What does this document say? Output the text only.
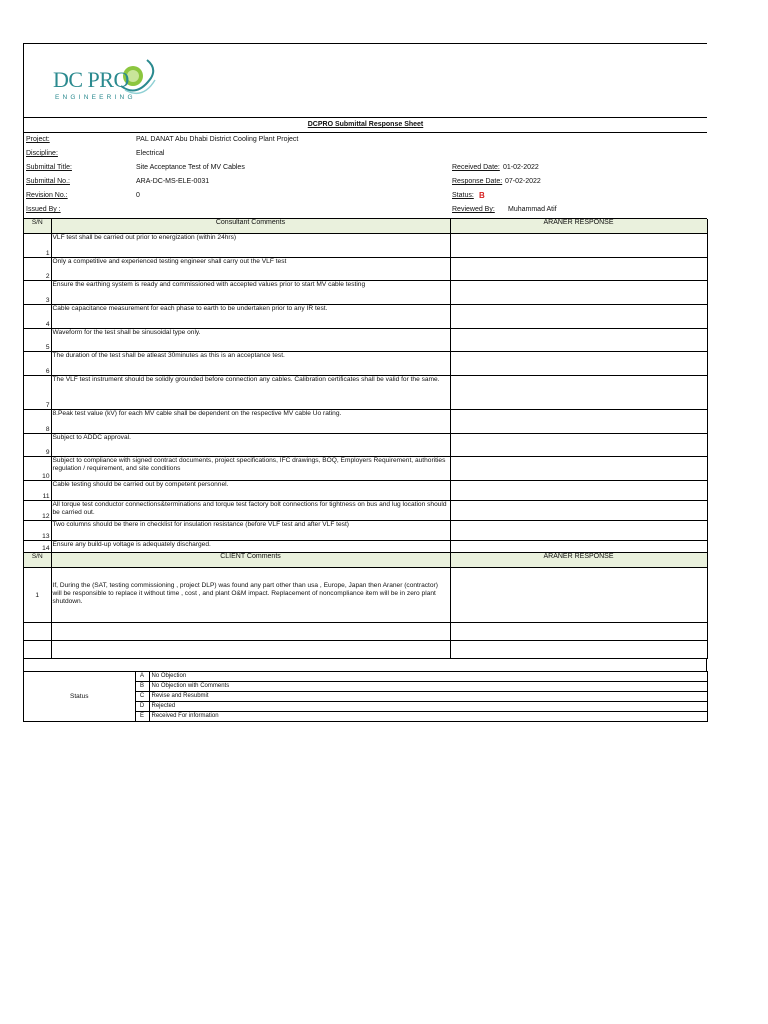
DC PRO
ENGINEERING
DCPRO Submittal Response Sheet
Project:	PAL DANAT Abu Dhabi District Cooling Plant Project
Discipline:	Electrical
Submittal Title:	Site Acceptance Test of MV Cables	Received Date: 01-02-2022
Submittal No.:	ARA-DC-MS-ELE-0031	Response Date: 07-02-2022
Revision No.:	0	Status: B
Issued By :	Reviewed By: Muhammad Atif
S/N	Consultant Comments	ARANER RESPONSE
1	VLF test shall be carried out prior to energization (within 24hrs)	
2	Only a competitive and experienced testing engineer shall carry out the VLF test	
3	Ensure the earthing system is ready and commissioned with accepted values prior to start MV cable testing	
4	Cable capacitance measurement for each phase to earth to be undertaken prior to any IR test.	
5	Waveform for the test shall be sinusoidal type only.	
6	The duration of the test shall be atleast 30minutes as this is an acceptance test.	
7	The VLF test instrument should be solidly grounded before connection any cables. Calibration certificates shall be valid for the same.	
8	8.Peak test value (kV) for each MV cable shall be dependent on the respective MV cable Uo rating.	
9	Subject to ADDC approval.	
10	Subject to compliance with signed contract documents, project specifications, IFC drawings, BOQ, Employers Requirement, authorities regulation / requirement, and site conditions	
11	Cable testing should be carried out by competent personnel.	
12	All torque test conductor connections&terminations and torque test factory bolt connections for tightness on bus and lug location should be carried out.	
13	Two columns should be there in checklist for insulation resistance (before VLF test and after VLF test)	
14	Ensure any build-up voltage is adequately discharged.	
S/N	CLIENT Comments	ARANER RESPONSE
1	If, During the (SAT, testing commissioning , project DLP) was found any part other than usa , Europe, Japan then Araner (contractor) will be responsible to replace it without time , cost , and plant O&M impact. Replacement of noncompliance item will be in zero plant shutdown.	

Status	A	No Objection
	B	No Objection with Comments
	C	Revise and Resubmit
	D	Rejected
	E	Received For information
